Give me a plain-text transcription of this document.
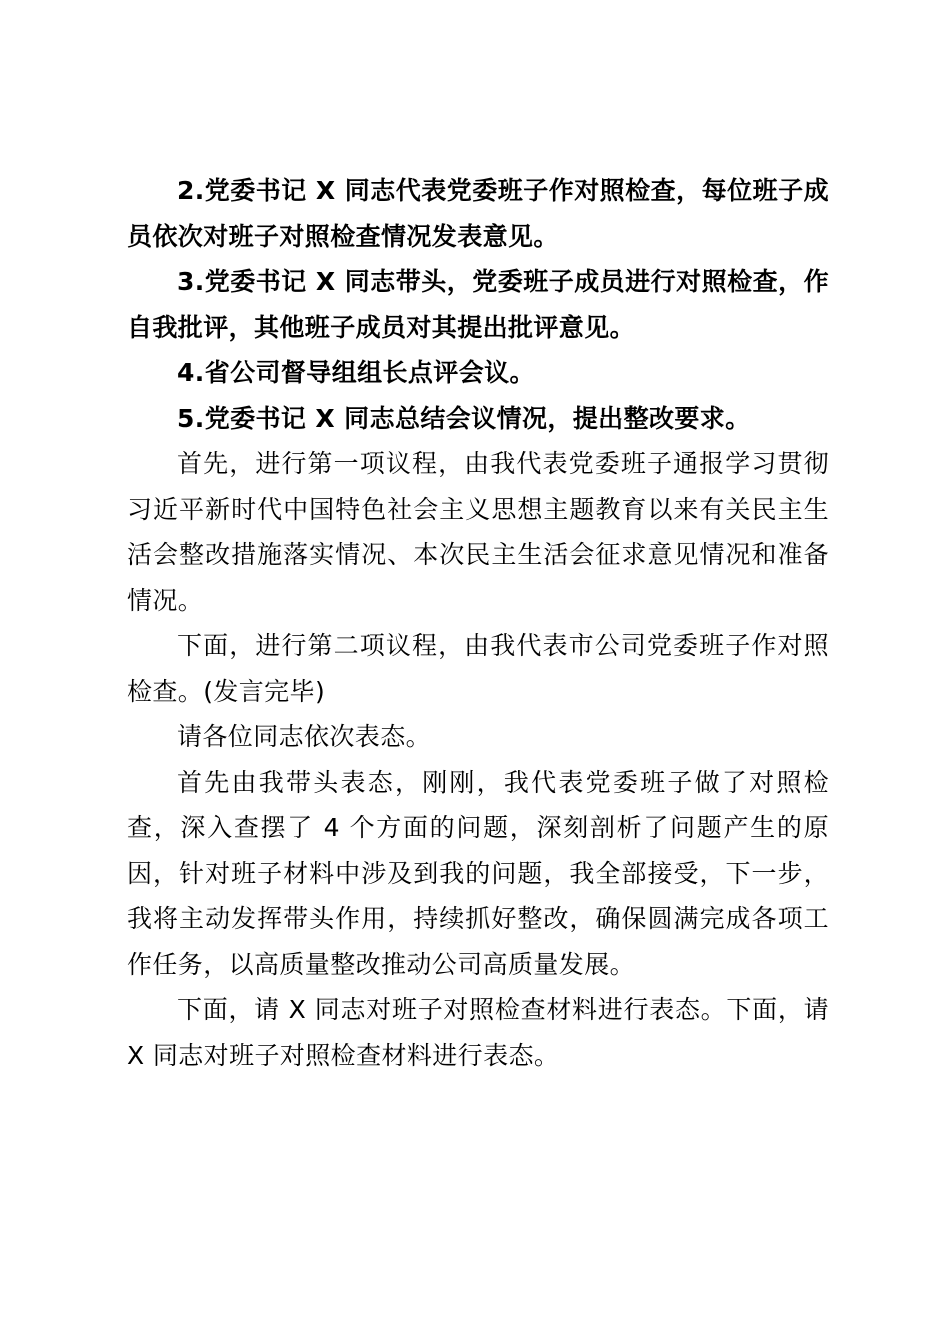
2.党委书记 X 同志代表党委班子作对照检查，每位班子成员依次对班子对照检查情况发表意见。

3.党委书记 X 同志带头，党委班子成员进行对照检查，作自我批评，其他班子成员对其提出批评意见。

4.省公司督导组组长点评会议。

5.党委书记 X 同志总结会议情况，提出整改要求。

首先，进行第一项议程，由我代表党委班子通报学习贯彻习近平新时代中国特色社会主义思想主题教育以来有关民主生活会整改措施落实情况、本次民主生活会征求意见情况和准备情况。

下面，进行第二项议程，由我代表市公司党委班子作对照检查。(发言完毕)

请各位同志依次表态。

首先由我带头表态，刚刚，我代表党委班子做了对照检查，深入查摆了 4 个方面的问题，深刻剖析了问题产生的原因，针对班子材料中涉及到我的问题，我全部接受，下一步，我将主动发挥带头作用，持续抓好整改，确保圆满完成各项工作任务，以高质量整改推动公司高质量发展。

下面，请 X 同志对班子对照检查材料进行表态。下面，请 X 同志对班子对照检查材料进行表态。
